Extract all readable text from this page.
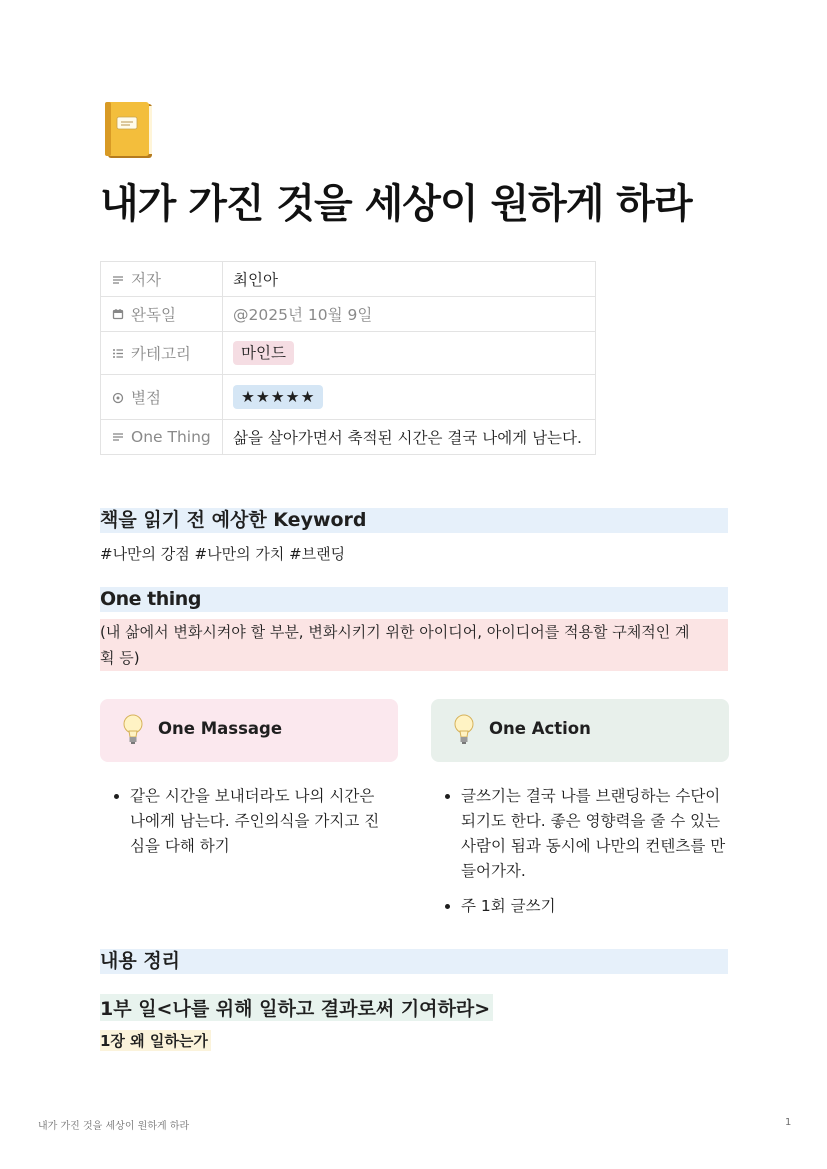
내가 가진 것을 세상이 원하게 하라
저자	최인아
완독일	@2025년 10월 9일
카테고리	마인드
별점	★★★★★
One Thing	삶을 살아가면서 축적된 시간은 결국 나에게 남는다.
책을 읽기 전 예상한 Keyword
#나만의 강점 #나만의 가치 #브랜딩
One thing
(내 삶에서 변화시켜야 할 부분, 변화시키기 위한 아이디어, 아이디어를 적용할 구체적인 계
획 등)
One Massage	One Action
• 같은 시간을 보내더라도 나의 시간은 나에게 남는다. 주인의식을 가지고 진심을 다해 하기
• 글쓰기는 결국 나를 브랜딩하는 수단이 되기도 한다. 좋은 영향력을 줄 수 있는 사람이 됨과 동시에 나만의 컨텐츠를 만들어가자.
• 주 1회 글쓰기
내용 정리
1부 일<나를 위해 일하고 결과로써 기여하라>
1장 왜 일하는가
내가 가진 것을 세상이 원하게 하라	1
